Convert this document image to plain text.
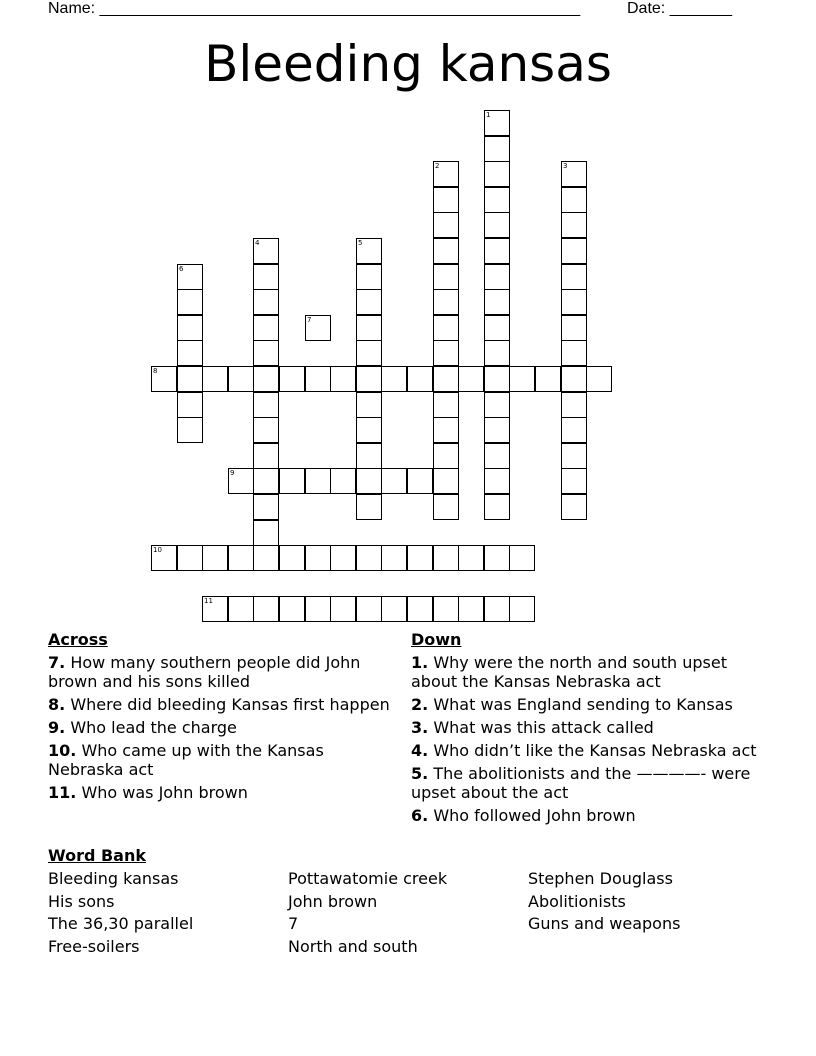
Name: ______________________________________________________	Date: _______
Bleeding kansas
1
2	3
4	5
6
7
8
9
10
11
Across
7. How many southern people did John brown and his sons killed
8. Where did bleeding Kansas first happen
9. Who lead the charge
10. Who came up with the Kansas Nebraska act
11. Who was John brown
Down
1. Why were the north and south upset about the Kansas Nebraska act
2. What was England sending to Kansas
3. What was this attack called
4. Who didn’t like the Kansas Nebraska act
5. The abolitionists and the ————- were upset about the act
6. Who followed John brown
Word Bank
Bleeding kansas
His sons
The 36,30 parallel
Free-soilers
Pottawatomie creek
John brown
7
North and south
Stephen Douglass
Abolitionists
Guns and weapons
